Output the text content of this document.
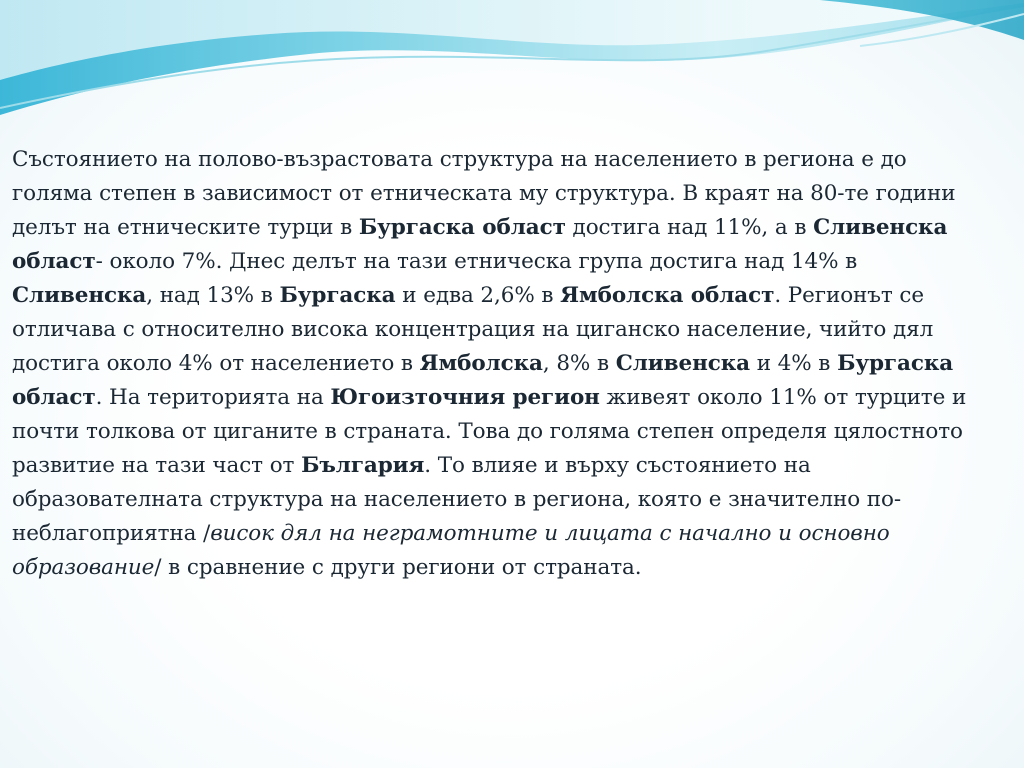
Състоянието на полово-възрастовата структура на населението в региона е до голяма степен в зависимост от етническата му структура. В краят на 80-те години делът на етническите турци в Бургаска област достига над 11%, а в Сливенска област- около 7%. Днес делът на тази етническа група достига над 14% в Сливенска, над 13% в Бургаска и едва 2,6% в Ямболска област. Регионът се отличава с относително висока концентрация на циганско население, чийто дял достига около 4% от населението в Ямболска, 8% в Сливенска и 4% в Бургаска област. На територията на Югоизточния регион живеят около 11% от турците и почти толкова от циганите в страната. Това до голяма степен определя цялостното развитие на тази част от България. То влияе и върху състоянието на образователната структура на населението в региона, която е значително по-неблагоприятна /висок дял на неграмотните и лицата с начално и основно образование/ в сравнение с други региони от страната.
